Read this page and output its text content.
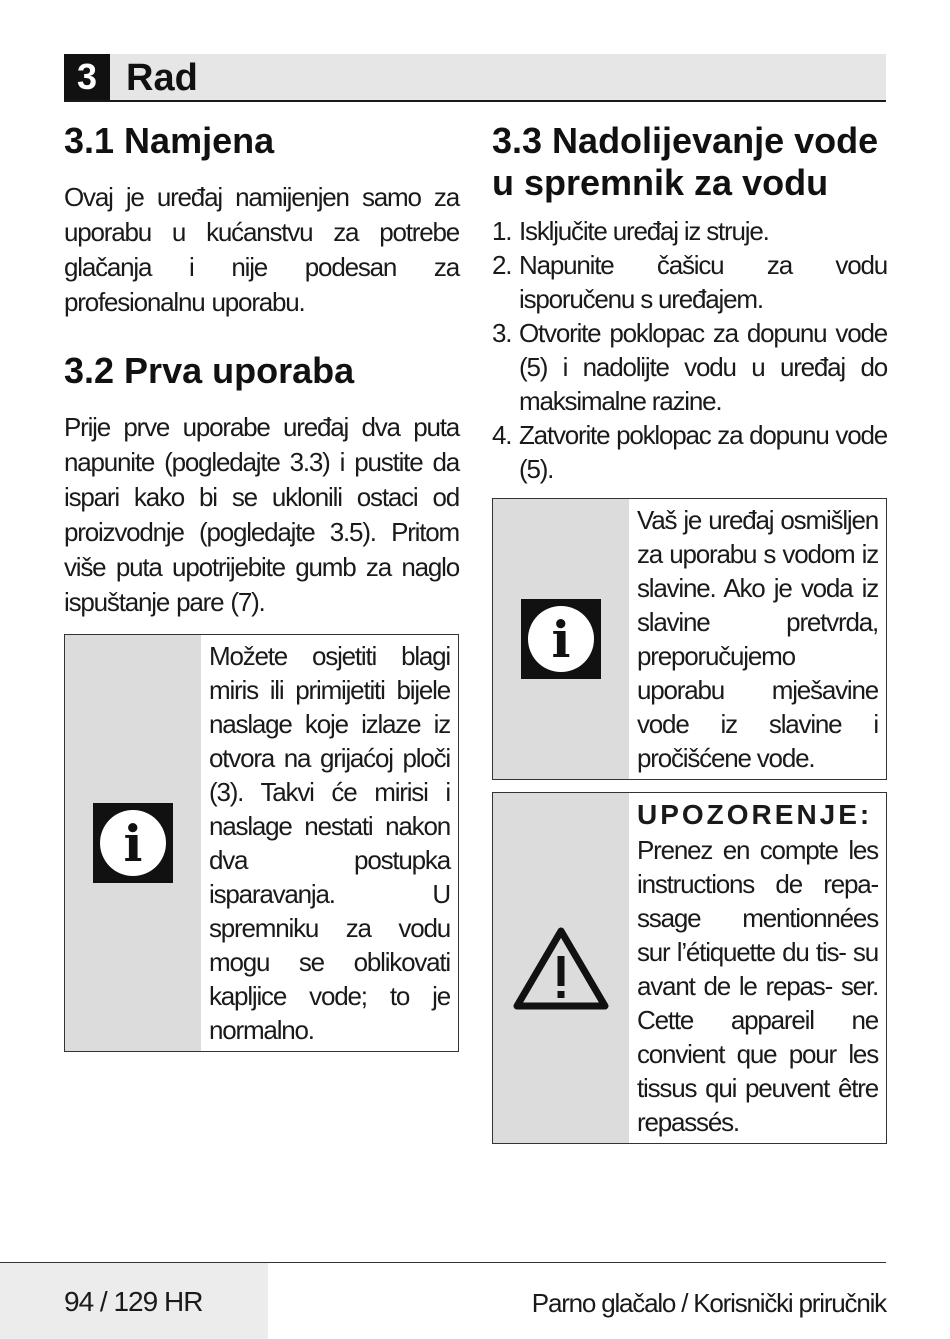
3 Rad
3.1 Namjena

Ovaj je uređaj namijenjen samo za uporabu u kućanstvu za potrebe glačanja i nije podesan za profesionalnu uporabu.

3.2 Prva uporaba

Prije prve uporabe uređaj dva puta napunite (pogledajte 3.3) i pustite da ispari kako bi se uklonili ostaci od proizvodnje (pogledajte 3.5). Pritom više puta upotrijebite gumb za naglo ispuštanje pare (7).

i
Možete osjetiti blagi miris ili primijetiti bijele naslage koje izlaze iz otvora na grijaćoj ploči (3). Takvi će mirisi i naslage nestati nakon dva postupka isparavanja. U spremniku za vodu mogu se oblikovati kapljice vode; to je normalno.
3.3 Nadolijevanje vode u spremnik za vodu
1. Isključite uređaj iz struje.
2. Napunite čašicu za vodu isporučenu s uređajem.
3. Otvorite poklopac za dopunu vode (5) i nadolijte vodu u uređaj do maksimalne razine.
4. Zatvorite poklopac za dopunu vode (5).
i
Vaš je uređaj osmišljen za uporabu s vodom iz slavine. Ako je voda iz slavine pretvrda, preporučujemo uporabu mješavine vode iz slavine i pročišćene vode.
UPOZORENJE:
Prenez en compte les instructions de repa- ssage mentionnées sur l’étiquette du tis- su avant de le repas- ser. Cette appareil ne convient que pour les tissus qui peuvent être repassés.
94 / 129 HR	Parno glačalo / Korisnički priručnik
